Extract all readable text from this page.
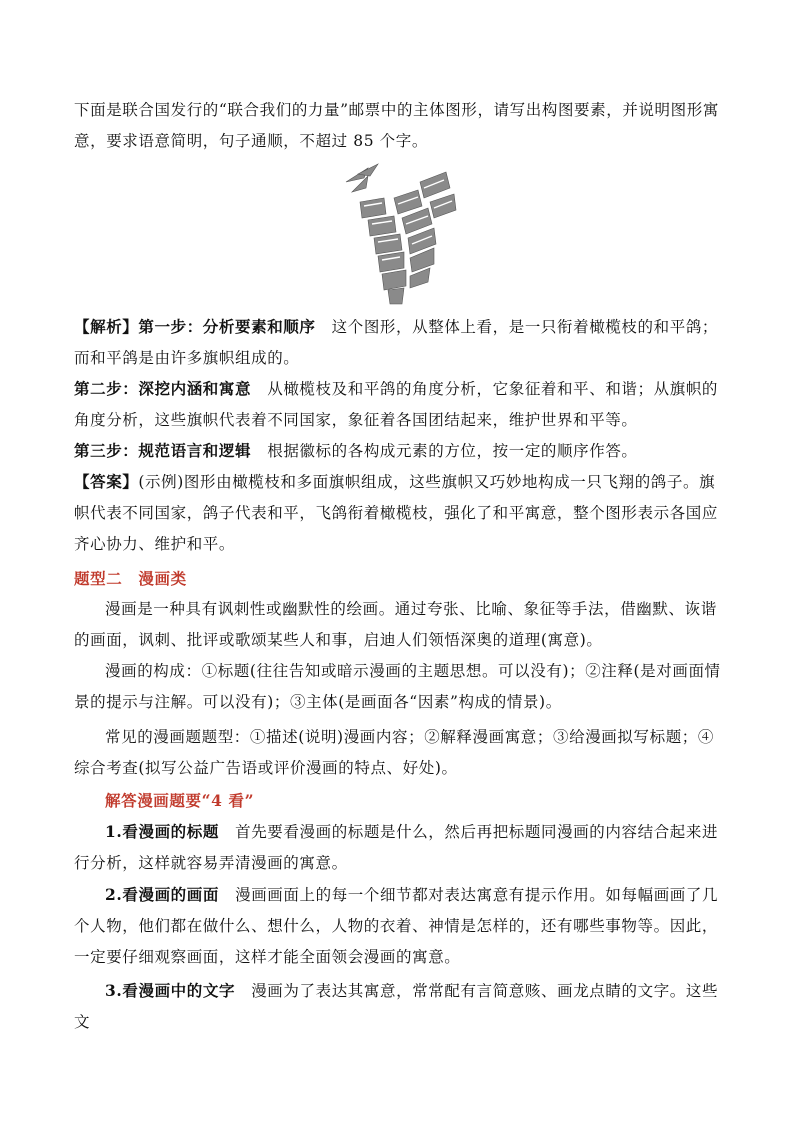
下面是联合国发行的“联合我们的力量”邮票中的主体图形，请写出构图要素，并说明图形寓意，要求语意简明，句子通顺，不超过 85 个字。
【解析】第一步：分析要素和顺序　 这个图形，从整体上看，是一只衔着橄榄枝的和平鸽；而和平鸽是由许多旗帜组成的。
第二步：深挖内涵和寓意　 从橄榄枝及和平鸽的角度分析，它象征着和平、和谐；从旗帜的角度分析，这些旗帜代表着不同国家，象征着各国团结起来，维护世界和平等。
第三步：规范语言和逻辑　 根据徽标的各构成元素的方位，按一定的顺序作答。
【答案】(示例)图形由橄榄枝和多面旗帜组成，这些旗帜又巧妙地构成一只飞翔的鸽子。旗帜代表不同国家，鸽子代表和平，飞鸽衔着橄榄枝，强化了和平寓意，整个图形表示各国应齐心协力、维护和平。
题型二　漫画类
漫画是一种具有讽刺性或幽默性的绘画。通过夸张、比喻、象征等手法，借幽默、诙谐的画面，讽刺、批评或歌颂某些人和事，启迪人们领悟深奥的道理(寓意)。
漫画的构成：①标题(往往告知或暗示漫画的主题思想。可以没有)；②注释(是对画面情景的提示与注解。可以没有)；③主体(是画面各“因素”构成的情景)。
常见的漫画题题型：①描述(说明)漫画内容；②解释漫画寓意；③给漫画拟写标题；④综合考查(拟写公益广告语或评价漫画的特点、好处)。
解答漫画题要“4 看”
1.看漫画的标题　 首先要看漫画的标题是什么，然后再把标题同漫画的内容结合起来进行分析，这样就容易弄清漫画的寓意。
2.看漫画的画面　 漫画画面上的每一个细节都对表达寓意有提示作用。如每幅画画了几个人物，他们都在做什么、想什么，人物的衣着、神情是怎样的，还有哪些事物等。因此，一定要仔细观察画面，这样才能全面领会漫画的寓意。
3.看漫画中的文字　 漫画为了表达其寓意，常常配有言简意赅、画龙点睛的文字。这些文
